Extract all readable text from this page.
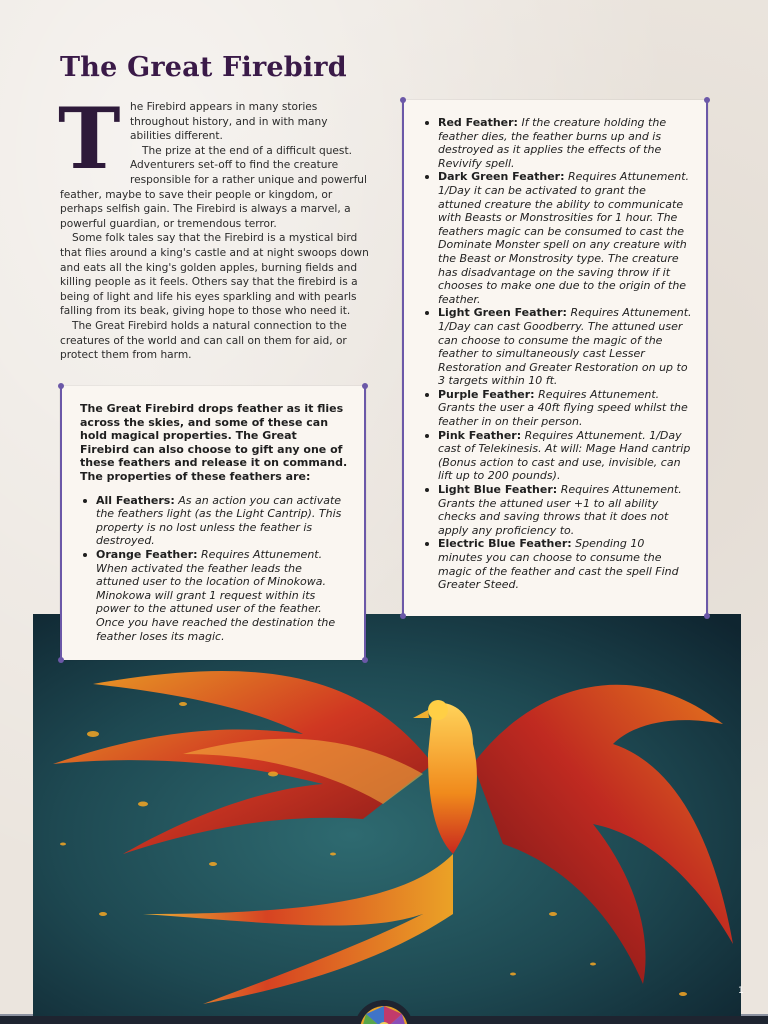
The Great Firebird
T he Firebird appears in many stories throughout history, and in with many abilities different.

The prize at the end of a difficult quest. Adventurers set-off to find the creature responsible for a rather unique and powerful feather, maybe to save their people or kingdom, or perhaps selfish gain. The Firebird is always a marvel, a powerful guardian, or tremendous terror.

Some folk tales say that the Firebird is a mystical bird that flies around a king's castle and at night swoops down and eats all the king's golden apples, burning fields and killing people as it feels. Others say that the firebird is a being of light and life his eyes sparkling and with pearls falling from its beak, giving hope to those who need it.

The Great Firebird holds a natural connection to the creatures of the world and can call on them for aid, or protect them from harm.

Red Feather: If the creature holding the feather dies, the feather burns up and is destroyed as it applies the effects of the Revivify spell.
Dark Green Feather: Requires Attunement. 1/Day it can be activated to grant the attuned creature the ability to communicate with Beasts or Monstrosities for 1 hour. The feathers magic can be consumed to cast the Dominate Monster spell on any creature with the Beast or Monstrosity type. The creature has disadvantage on the saving throw if it chooses to make one due to the origin of the feather.
Light Green Feather: Requires Attunement. 1/Day can cast Goodberry. The attuned user can choose to consume the magic of the feather to simultaneously cast Lesser Restoration and Greater Restoration on up to 3 targets within 10 ft.
Purple Feather: Requires Attunement. Grants the user a 40ft flying speed whilst the feather in on their person.
Pink Feather: Requires Attunement. 1/Day cast of Telekinesis. At will: Mage Hand cantrip (Bonus action to cast and use, invisible, can lift up to 200 pounds).
Light Blue Feather: Requires Attunement. Grants the attuned user +1 to all ability checks and saving throws that it does not apply any proficiency to.
Electric Blue Feather: Spending 10 minutes you can choose to consume the magic of the feather and cast the spell Find Greater Steed.

The Great Firebird drops feather as it flies across the skies, and some of these can hold magical properties. The Great Firebird can also choose to gift any one of these feathers and release it on command. The properties of these feathers are:

All Feathers: As an action you can activate the feathers light (as the Light Cantrip). This property is no lost unless the feather is destroyed.
Orange Feather: Requires Attunement. When activated the feather leads the attuned user to the location of Minokowa. Minokowa will grant 1 request within its power to the attuned user of the feather. Once you have reached the destination the feather loses its magic.
1
